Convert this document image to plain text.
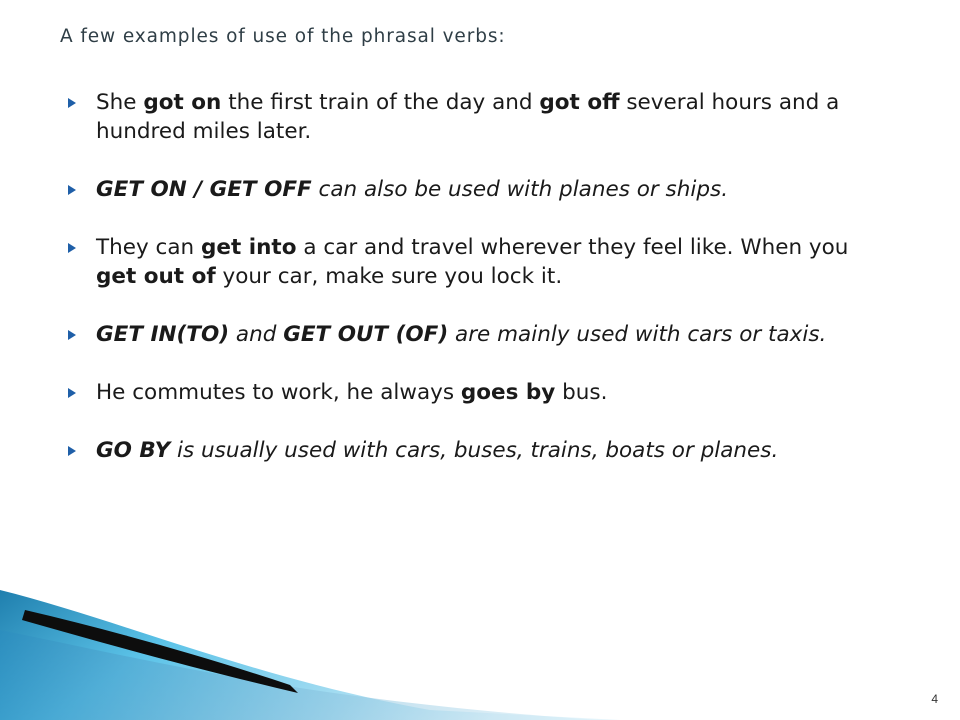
A few examples of use of the phrasal verbs:
She got on the first train of the day and got off several hours and a hundred miles later.
GET ON / GET OFF can also be used with planes or ships.
They can get into a car and travel wherever they feel like. When you get out of your car, make sure you lock it.
GET IN(TO) and GET OUT (OF) are mainly used with cars or taxis.
He commutes to work, he always goes by bus.
GO BY is usually used with cars, buses, trains, boats or planes.
4
